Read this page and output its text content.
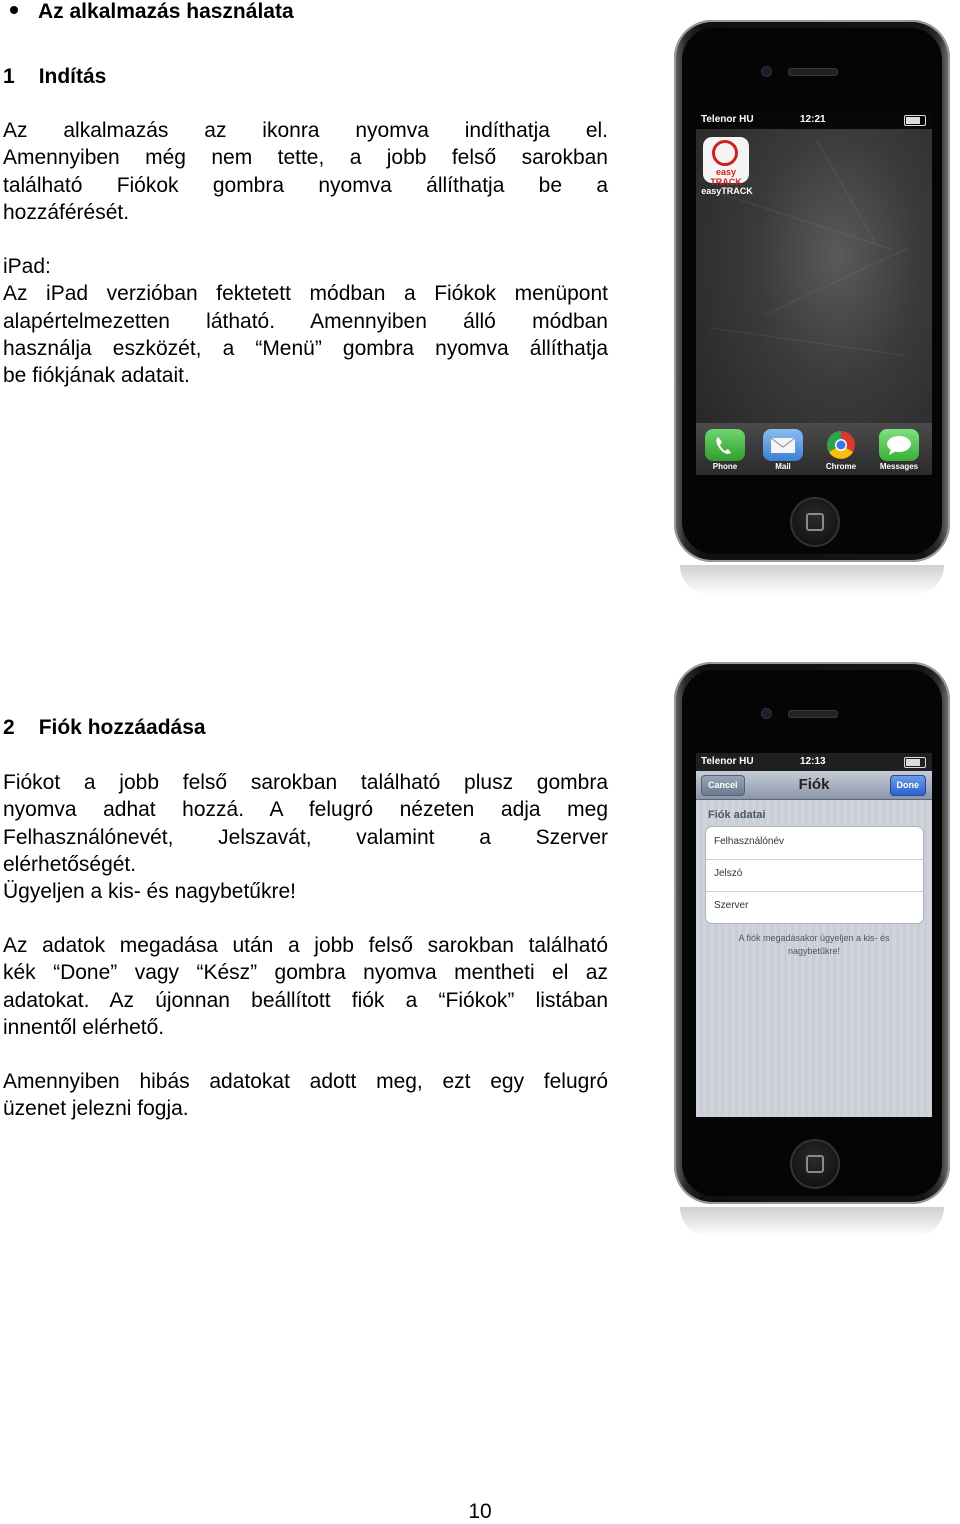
Az alkalmazás használata
1 Indítás
Az alkalmazás az ikonra nyomva indíthatja el.
Amennyiben még nem tette, a jobb felső sarokban
található Fiókok gombra nyomva állíthatja be a
hozzáférését.
iPad:
Az iPad verzióban fektetett módban a Fiókok menüpont
alapértelmezetten látható. Amennyiben álló módban
használja eszközét, a “Menü” gombra nyomva állíthatja
be fiókjának adatait.
Telenor HU	12:21
easy TRACK
easyTRACK
Phone	Mail	Chrome	Messages
2 Fiók hozzáadása
Fiókot a jobb felső sarokban található plusz gombra
nyomva adhat hozzá. A felugró nézeten adja meg
Felhasználónevét, Jelszavát, valamint a Szerver
elérhetőségét.
Ügyeljen a kis- és nagybetűkre!
Az adatok megadása után a jobb felső sarokban található
kék “Done” vagy “Kész” gombra nyomva mentheti el az
adatokat. Az újonnan beállított fiók a “Fiókok” listában
innentől elérhető.
Amennyiben hibás adatokat adott meg, ezt egy felugró
üzenet jelezni fogja.
Telenor HU	12:13
Cancel	Fiók	Done
Fiók adatai
Felhasználónév
Jelszó
Szerver
A fiók megadásakor ügyeljen a kis- és nagybetűkre!
10
